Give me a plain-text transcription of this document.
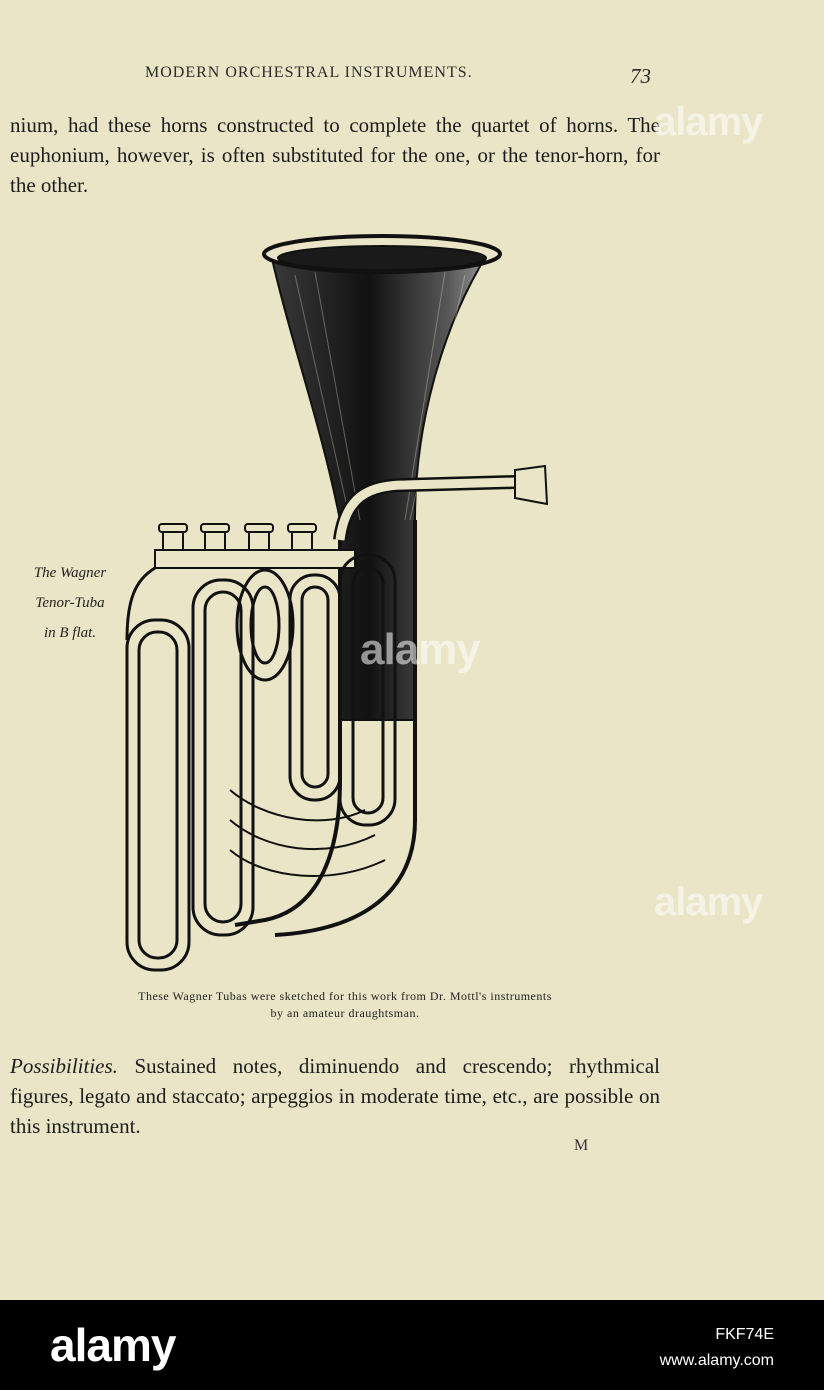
MODERN ORCHESTRAL INSTRUMENTS.	73
nium, had these horns constructed to complete the quartet of horns. The euphonium, however, is often substituted for the one, or the tenor-horn, for the other.
The Wagner
Tenor-Tuba
in B flat.
These Wagner Tubas were sketched for this work from Dr. Mottl's instruments
by an amateur draughtsman.
Possibilities. Sustained notes, diminuendo and crescendo; rhythmical figures, legato and staccato; arpeggios in moderate time, etc., are possible on this instrument.
M
alamy
alamy
alamy
alamy	FKF74E
www.alamy.com
